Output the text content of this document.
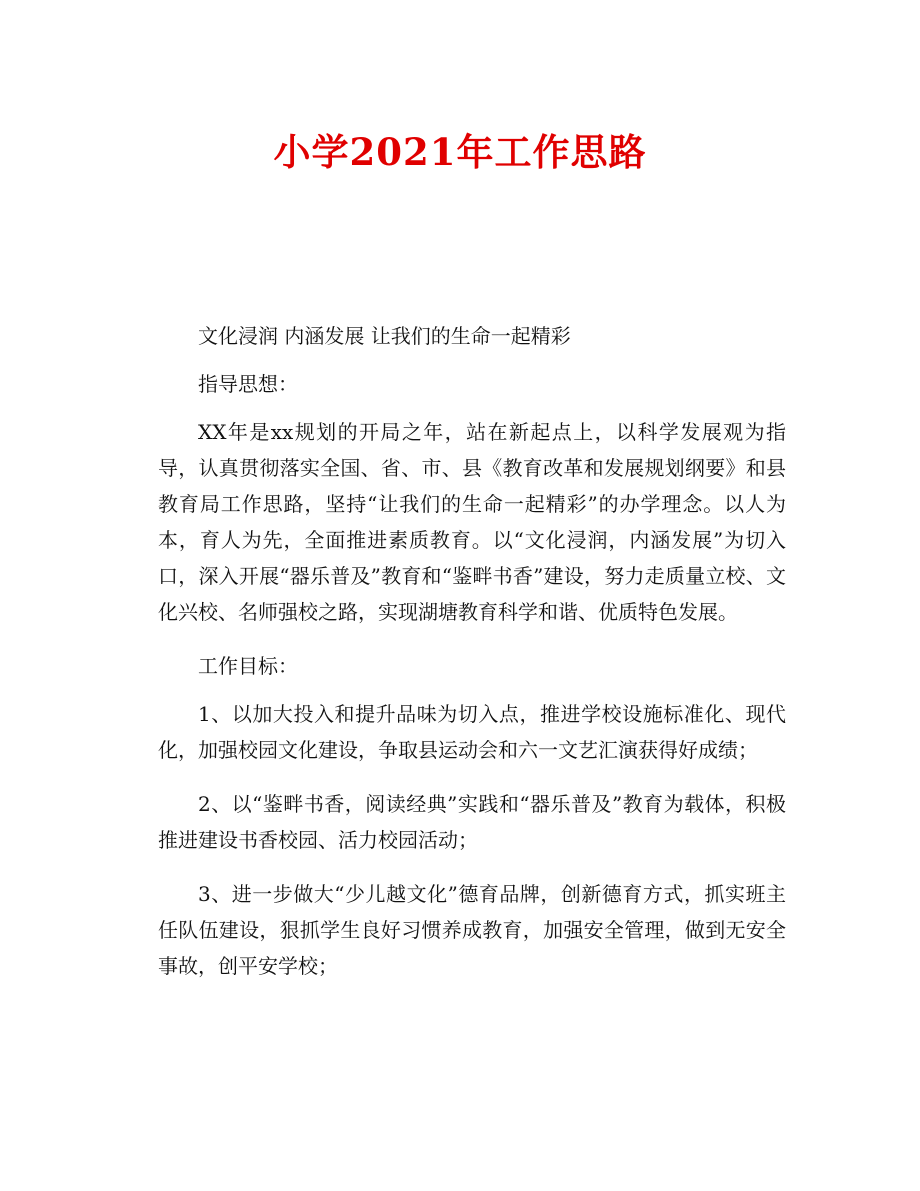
小学2021年工作思路

文化浸润 内涵发展 让我们的生命一起精彩

指导思想：

XX年是xx规划的开局之年，站在新起点上，以科学发展观为指导，认真贯彻落实全国、省、市、县《教育改革和发展规划纲要》和县教育局工作思路，坚持“让我们的生命一起精彩”的办学理念。以人为本，育人为先，全面推进素质教育。以“文化浸润，内涵发展”为切入口，深入开展“器乐普及”教育和“鉴畔书香”建设，努力走质量立校、文化兴校、名师强校之路，实现湖塘教育科学和谐、优质特色发展。

工作目标：

1、以加大投入和提升品味为切入点，推进学校设施标准化、现代化，加强校园文化建设，争取县运动会和六一文艺汇演获得好成绩；

2、以“鉴畔书香，阅读经典”实践和“器乐普及”教育为载体，积极推进建设书香校园、活力校园活动；

3、进一步做大“少儿越文化”德育品牌，创新德育方式，抓实班主任队伍建设，狠抓学生良好习惯养成教育，加强安全管理，做到无安全事故，创平安学校；
